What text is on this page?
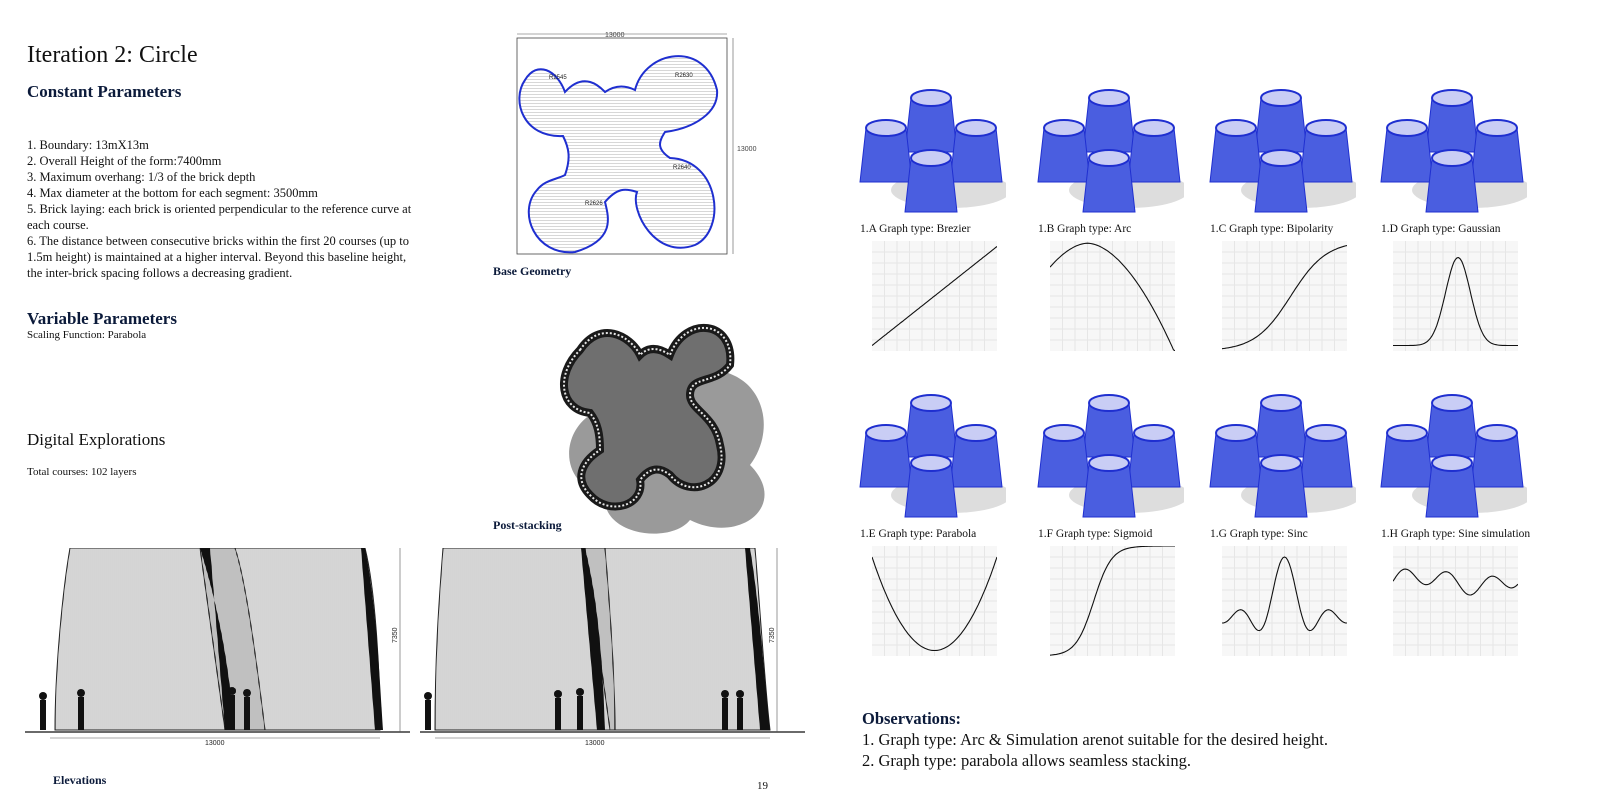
Iteration 2: Circle
Constant Parameters
1. Boundary: 13mX13m
2. Overall Height of the form:7400mm
3. Maximum overhang: 1/3 of the brick depth
4. Max diameter at the bottom for each segment: 3500mm
5. Brick laying: each brick is oriented perpendicular to the reference curve at
each course.
6. The distance between consecutive bricks within the first 20 courses (up to
1.5m height) is maintained at a higher interval. Beyond this baseline height,
the inter-brick spacing follows a decreasing gradient.
Variable Parameters
Scaling Function: Parabola
Digital Explorations
Total courses: 102 layers
13000
13000
R2545	R2630
R2640
R2626
Base Geometry
Post-stacking
13000
7350
13000
7350
Elevations	19
1.A Graph type: Brezier	1.B Graph type: Arc	1.C Graph type: Bipolarity	1.D Graph type: Gaussian
1.E Graph type: Parabola	1.F Graph type: Sigmoid	1.G Graph type: Sinc	1.H Graph type: Sine simulation
Observations:
1. Graph type: Arc & Simulation arenot suitable for the desired height.
2. Graph type: parabola allows seamless stacking.
